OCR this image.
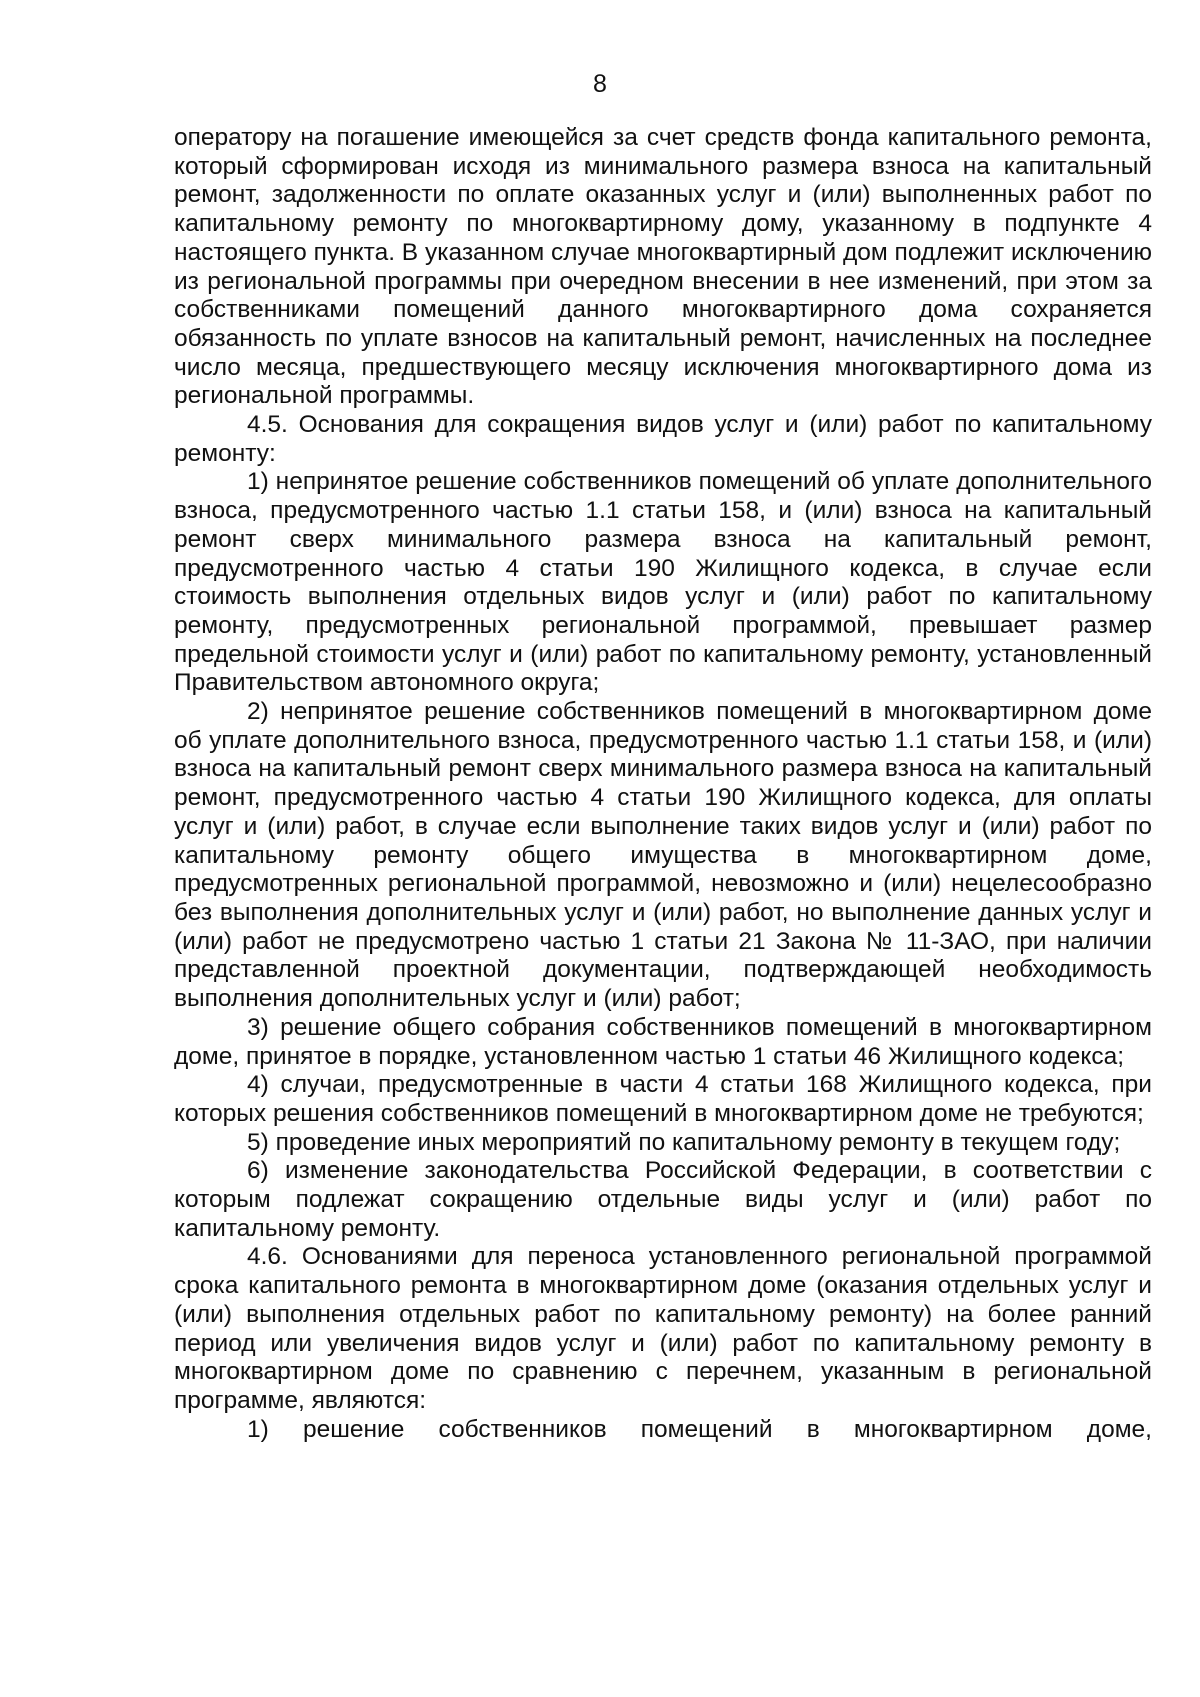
8

оператору на погашение имеющейся за счет средств фонда капитального ремонта, который сформирован исходя из минимального размера взноса на капитальный ремонт, задолженности по оплате оказанных услуг и (или) выполненных работ по капитальному ремонту по многоквартирному дому, указанному в подпункте 4 настоящего пункта. В указанном случае многоквартирный дом подлежит исключению из региональной программы при очередном внесении в нее изменений, при этом за собственниками помещений данного многоквартирного дома сохраняется обязанность по уплате взносов на капитальный ремонт, начисленных на последнее число месяца, предшествующего месяцу исключения многоквартирного дома из региональной программы.

4.5. Основания для сокращения видов услуг и (или) работ по капитальному ремонту:

1) непринятое решение собственников помещений об уплате дополнительного взноса, предусмотренного частью 1.1 статьи 158, и (или) взноса на капитальный ремонт сверх минимального размера взноса на капитальный ремонт, предусмотренного частью 4 статьи 190 Жилищного кодекса, в случае если стоимость выполнения отдельных видов услуг и (или) работ по капитальному ремонту, предусмотренных региональной программой, превышает размер предельной стоимости услуг и (или) работ по капитальному ремонту, установленный Правительством автономного округа;

2) непринятое решение собственников помещений в многоквартирном доме об уплате дополнительного взноса, предусмотренного частью 1.1 статьи 158, и (или) взноса на капитальный ремонт сверх минимального размера взноса на капитальный ремонт, предусмотренного частью 4 статьи 190 Жилищного кодекса, для оплаты услуг и (или) работ, в случае если выполнение таких видов услуг и (или) работ по капитальному ремонту общего имущества в многоквартирном доме, предусмотренных региональной программой, невозможно и (или) нецелесообразно без выполнения дополнительных услуг и (или) работ, но выполнение данных услуг и (или) работ не предусмотрено частью 1 статьи 21 Закона № 11-ЗАО, при наличии представленной проектной документации, подтверждающей необходимость выполнения дополнительных услуг и (или) работ;

3) решение общего собрания собственников помещений в многоквартирном доме, принятое в порядке, установленном частью 1 статьи 46 Жилищного кодекса;

4) случаи, предусмотренные в части 4 статьи 168 Жилищного кодекса, при которых решения собственников помещений в многоквартирном доме не требуются;

5) проведение иных мероприятий по капитальному ремонту в текущем году;

6) изменение законодательства Российской Федерации, в соответствии с которым подлежат сокращению отдельные виды услуг и (или) работ по капитальному ремонту.

4.6. Основаниями для переноса установленного региональной программой срока капитального ремонта в многоквартирном доме (оказания отдельных услуг и (или) выполнения отдельных работ по капитальному ремонту) на более ранний период или увеличения видов услуг и (или) работ по капитальному ремонту в многоквартирном доме по сравнению с перечнем, указанным в региональной программе, являются:

1) решение собственников помещений в многоквартирном доме,
